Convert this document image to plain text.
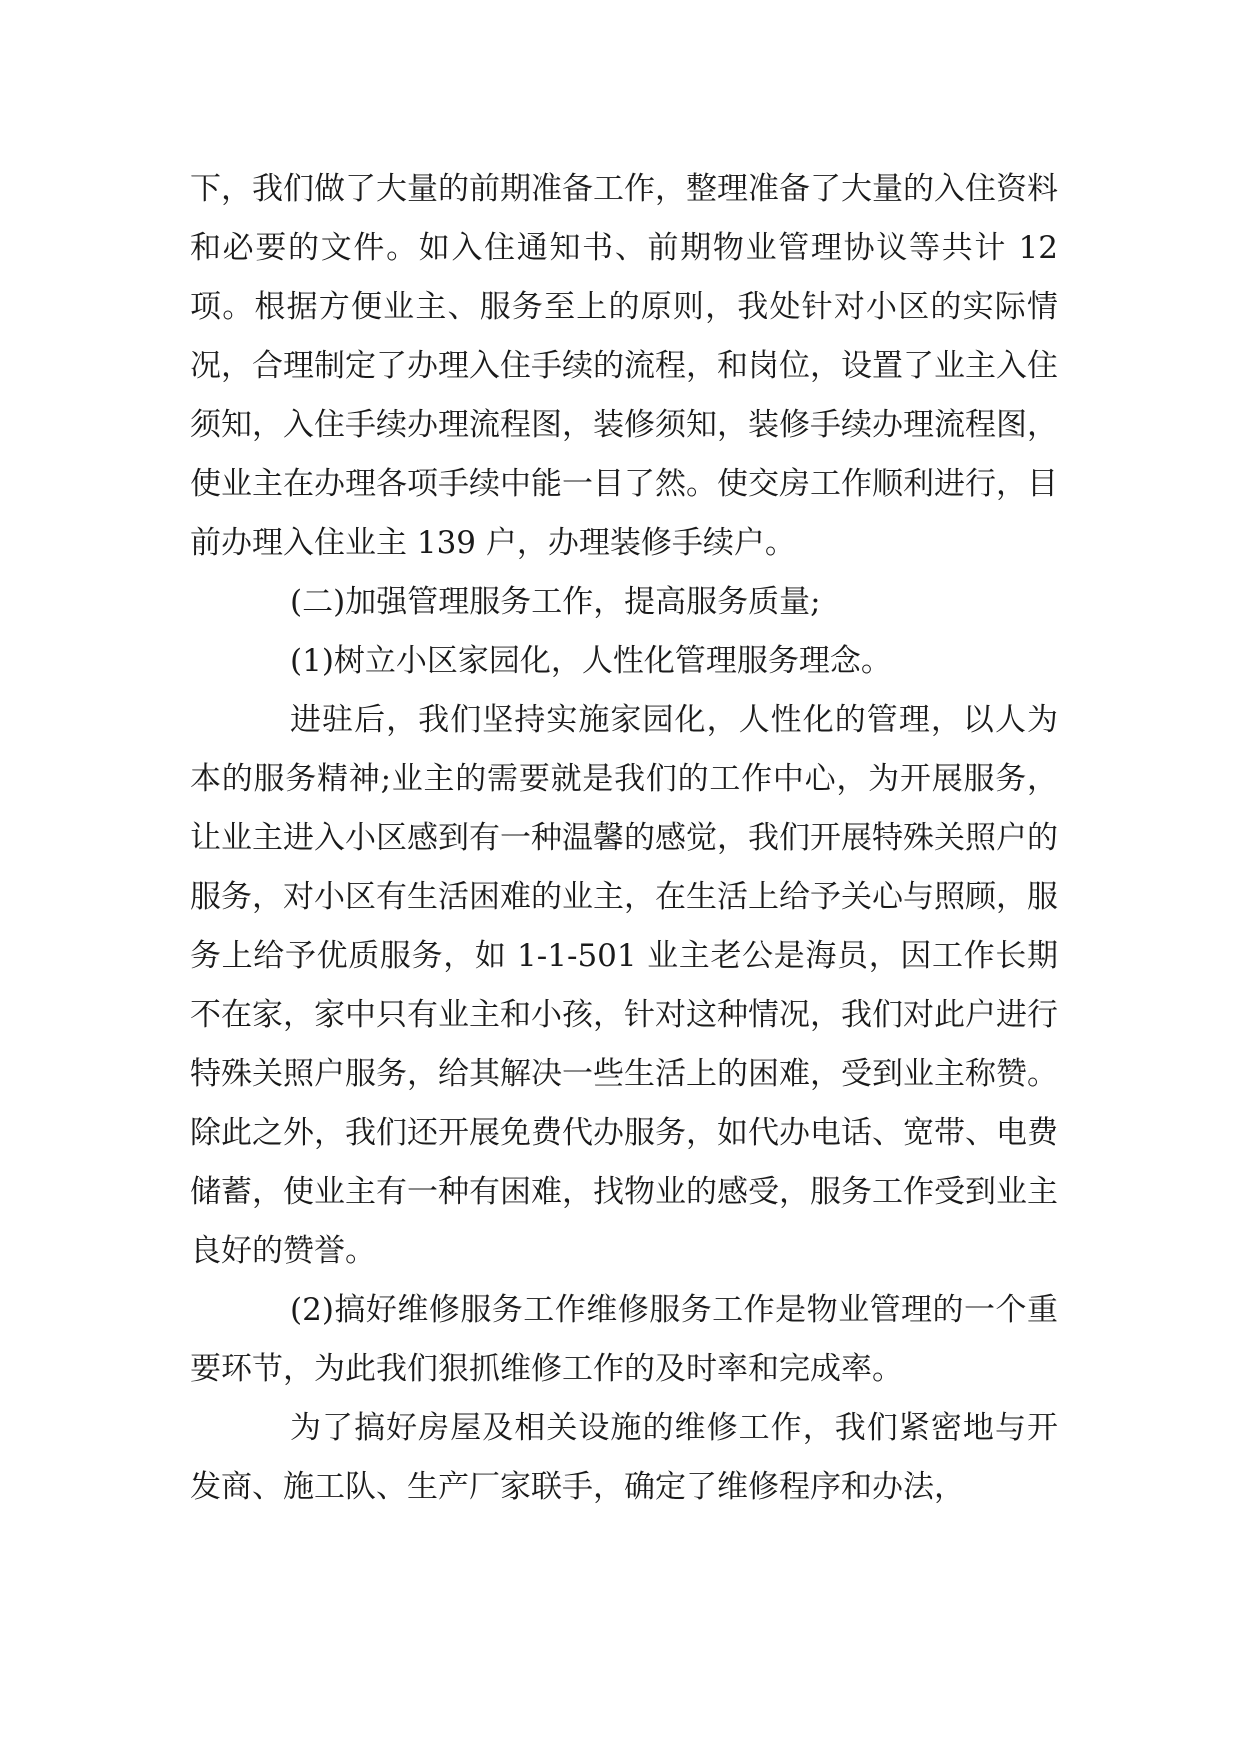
下，我们做了大量的前期准备工作，整理准备了大量的入住资料和必要的文件。如入住通知书、前期物业管理协议等共计 12 项。根据方便业主、服务至上的原则，我处针对小区的实际情况，合理制定了办理入住手续的流程，和岗位，设置了业主入住须知，入住手续办理流程图，装修须知，装修手续办理流程图，使业主在办理各项手续中能一目了然。使交房工作顺利进行，目前办理入住业主 139 户，办理装修手续户。

(二)加强管理服务工作，提高服务质量;

(1)树立小区家园化，人性化管理服务理念。

进驻后，我们坚持实施家园化，人性化的管理，以人为本的服务精神;业主的需要就是我们的工作中心，为开展服务，让业主进入小区感到有一种温馨的感觉，我们开展特殊关照户的服务，对小区有生活困难的业主，在生活上给予关心与照顾，服务上给予优质服务，如 1-1-501 业主老公是海员，因工作长期不在家，家中只有业主和小孩，针对这种情况，我们对此户进行特殊关照户服务，给其解决一些生活上的困难，受到业主称赞。除此之外，我们还开展免费代办服务，如代办电话、宽带、电费储蓄，使业主有一种有困难，找物业的感受，服务工作受到业主良好的赞誉。

(2)搞好维修服务工作维修服务工作是物业管理的一个重要环节，为此我们狠抓维修工作的及时率和完成率。

为了搞好房屋及相关设施的维修工作，我们紧密地与开发商、施工队、生产厂家联手，确定了维修程序和办法，
